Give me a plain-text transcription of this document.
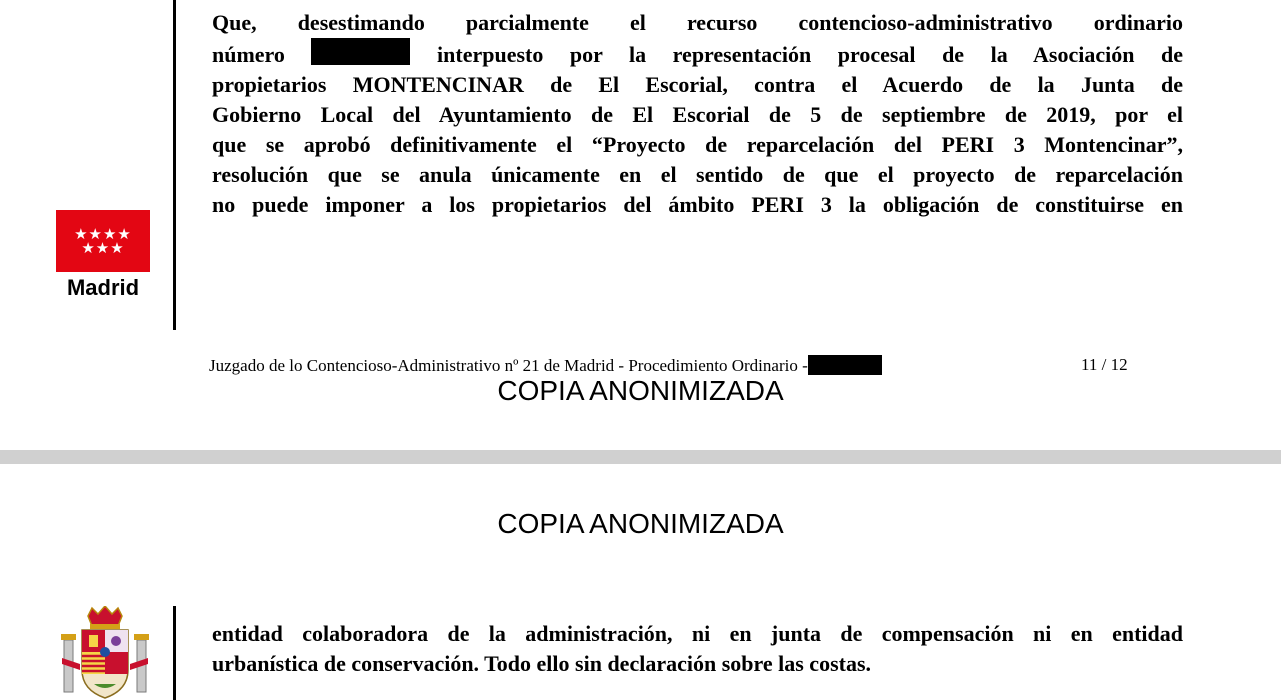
★★★★
★★★
Madrid
Que, desestimando parcialmente el recurso contencioso-administrativo ordinario
número	interpuesto por la representación procesal de la Asociación de
propietarios MONTENCINAR de El Escorial, contra el Acuerdo de la Junta de
Gobierno Local del Ayuntamiento de El Escorial de 5 de septiembre de 2019, por el
que se aprobó definitivamente el “Proyecto de reparcelación del PERI 3 Montencinar”,
resolución que se anula únicamente en el sentido de que el proyecto de reparcelación
no puede imponer a los propietarios del ámbito PERI 3 la obligación de constituirse en
Juzgado de lo Contencioso-Administrativo nº 21 de Madrid - Procedimiento Ordinario -	11 / 12
COPIA ANONIMIZADA
COPIA ANONIMIZADA
entidad colaboradora de la administración, ni en junta de compensación ni en entidad
urbanística de conservación. Todo ello sin declaración sobre las costas.
